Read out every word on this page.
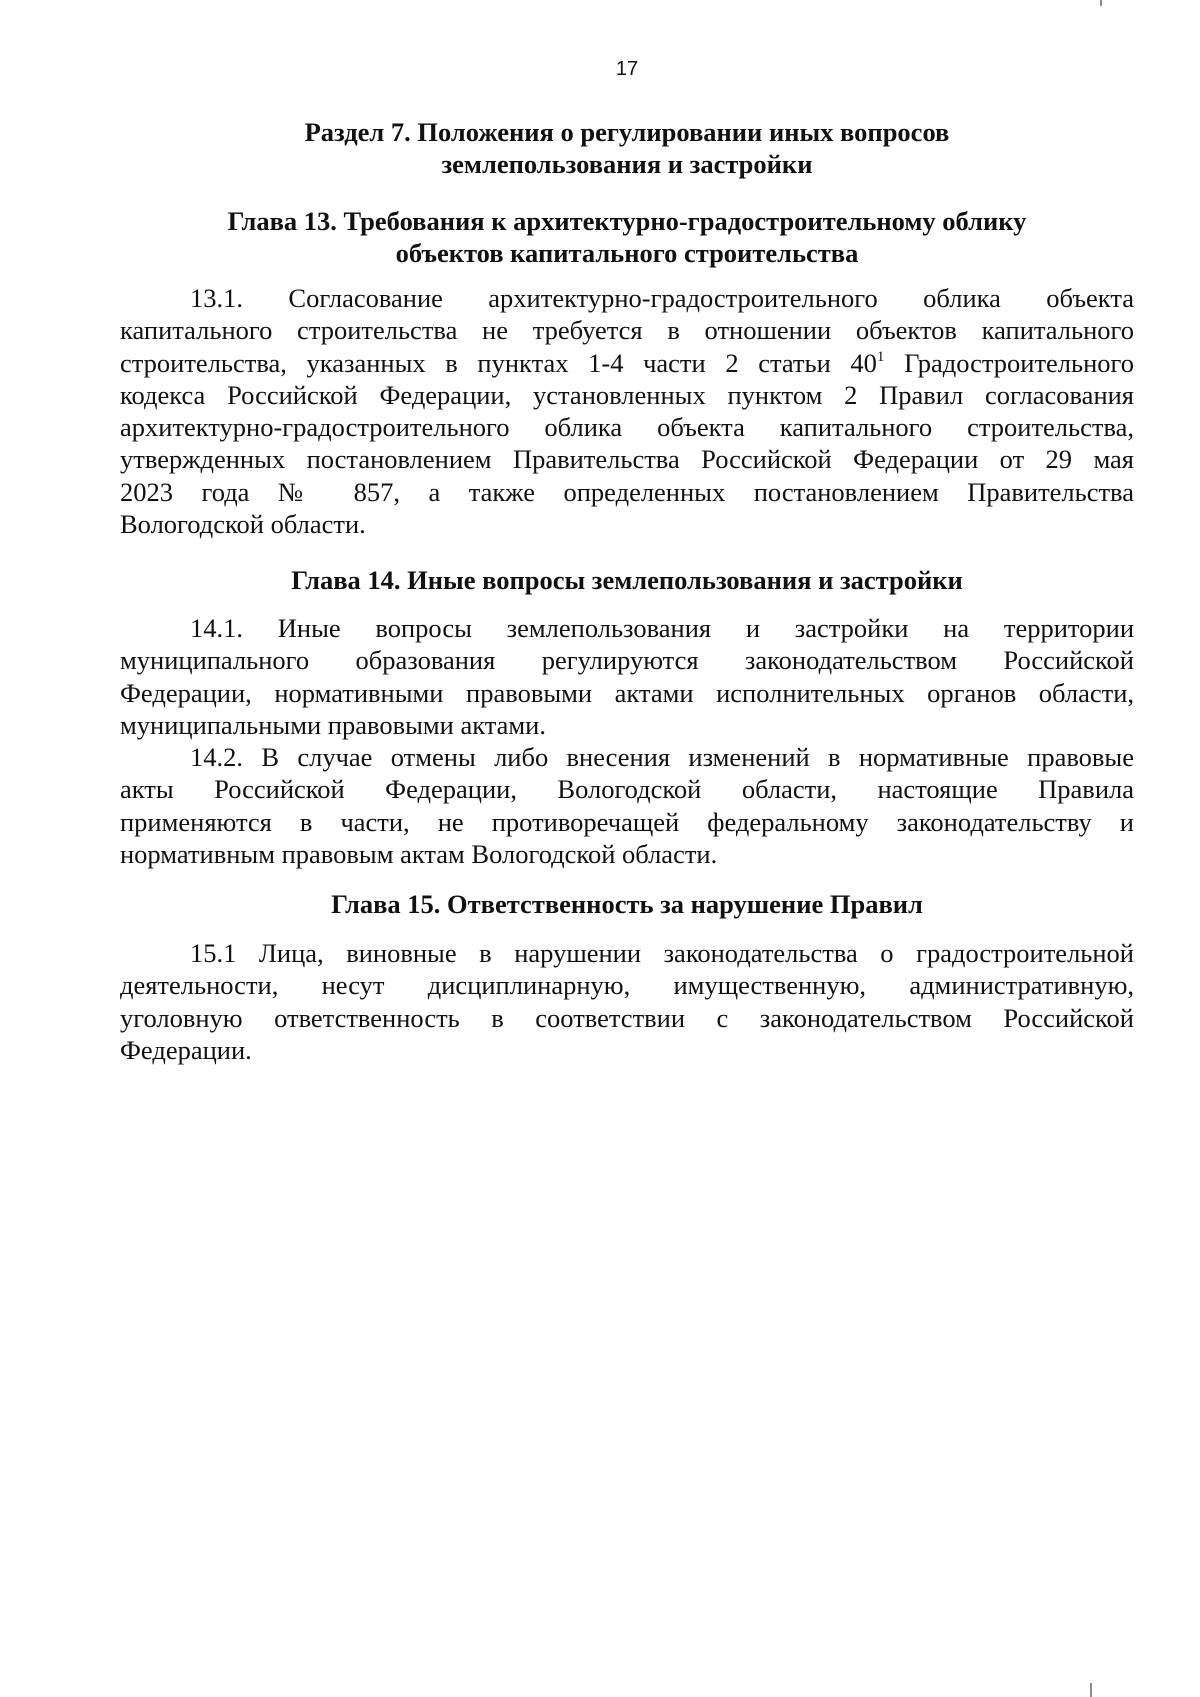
17
Раздел 7. Положения о регулировании иных вопросов
землепользования и застройки
Глава 13. Требования к архитектурно-градостроительному облику
объектов капитального строительства
13.1. Согласование архитектурно-градостроительного облика объекта
капитального строительства не требуется в отношении объектов капитального
строительства, указанных в пунктах 1-4 части 2 статьи $40^1$ Градостроительного
кодекса Российской Федерации, установленных пунктом 2 Правил согласования
архитектурно-градостроительного облика объекта капитального строительства,
утвержденных постановлением Правительства Российской Федерации от 29 мая
2023 года № 857, а также определенных постановлением Правительства
Вологодской области.
Глава 14. Иные вопросы землепользования и застройки
14.1. Иные вопросы землепользования и застройки на территории
муниципального образования регулируются законодательством Российской
Федерации, нормативными правовыми актами исполнительных органов области,
муниципальными правовыми актами.
14.2. В случае отмены либо внесения изменений в нормативные правовые
акты Российской Федерации, Вологодской области, настоящие Правила
применяются в части, не противоречащей федеральному законодательству и
нормативным правовым актам Вологодской области.
Глава 15. Ответственность за нарушение Правил
15.1 Лица, виновные в нарушении законодательства о градостроительной
деятельности, несут дисциплинарную, имущественную, административную,
уголовную ответственность в соответствии с законодательством Российской
Федерации.
